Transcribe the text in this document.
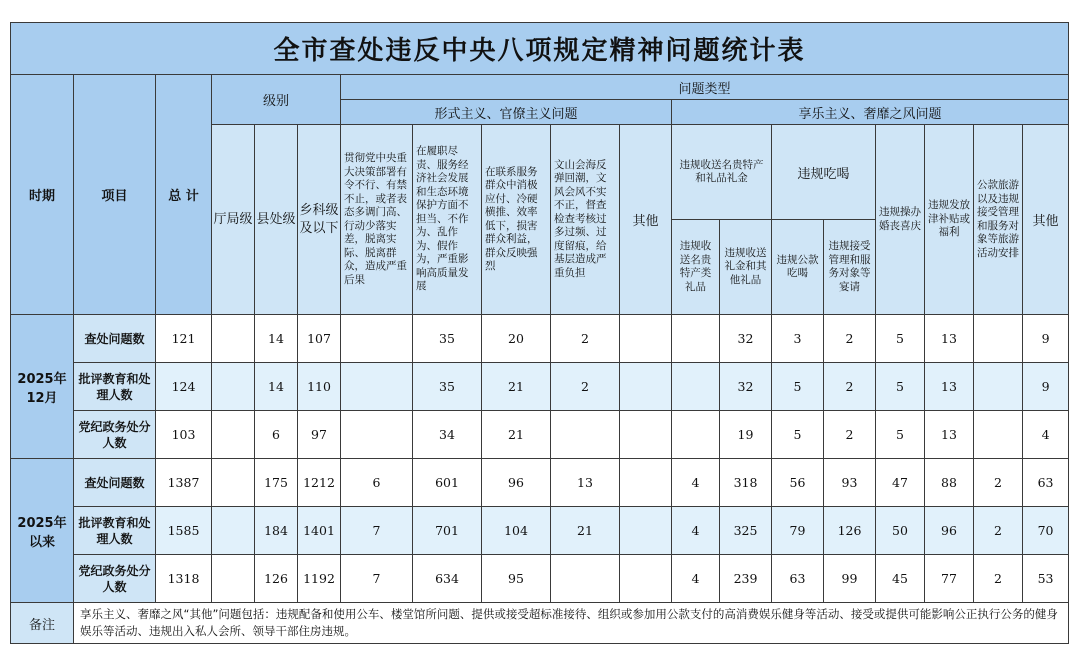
全市查处违反中央八项规定精神问题统计表																		
时期	项目	总 计	级别			问题类型												
						形式主义、官僚主义问题					享乐主义、奢靡之风问题							
			厅局级	县处级	乡科级及以下	贯彻党中央重大决策部署有令不行、有禁不止，或者表态多调门高、行动少落实差，脱离实际、脱离群众，造成严重后果	在履职尽责、服务经济社会发展和生态环境保护方面不担当、不作为、乱作为、假作为，严重影响高质量发展	在联系服务群众中消极应付、冷硬横推、效率低下，损害群众利益，群众反映强烈	文山会海反弹回潮，文风会风不实不正，督查检查考核过多过频、过度留痕，给基层造成严重负担	其他	违规收送名贵特产和礼品礼金		违规吃喝		违规操办婚丧喜庆	违规发放津补贴或福利	公款旅游以及违规接受管理和服务对象等旅游活动安排	其他
											违规收送名贵特产类礼品	违规收送礼金和其他礼品	违规公款吃喝	违规接受管理和服务对象等宴请				
2025年12月	查处问题数	121		14	107		35	20	2			32	3	2	5	13		9
	批评教育和处理人数	124		14	110		35	21	2			32	5	2	5	13		9
	党纪政务处分人数	103		6	97		34	21				19	5	2	5	13		4
2025年以来	查处问题数	1387		175	1212	6	601	96	13		4	318	56	93	47	88	2	63
	批评教育和处理人数	1585		184	1401	7	701	104	21		4	325	79	126	50	96	2	70
	党纪政务处分人数	1318		126	1192	7	634	95			4	239	63	99	45	77	2	53
备注	享乐主义、奢靡之风“其他”问题包括：违规配备和使用公车、楼堂馆所问题、提供或接受超标准接待、组织或参加用公款支付的高消费娱乐健身等活动、接受或提供可能影响公正执行公务的健身娱乐等活动、违规出入私人会所、领导干部住房违规。																	
